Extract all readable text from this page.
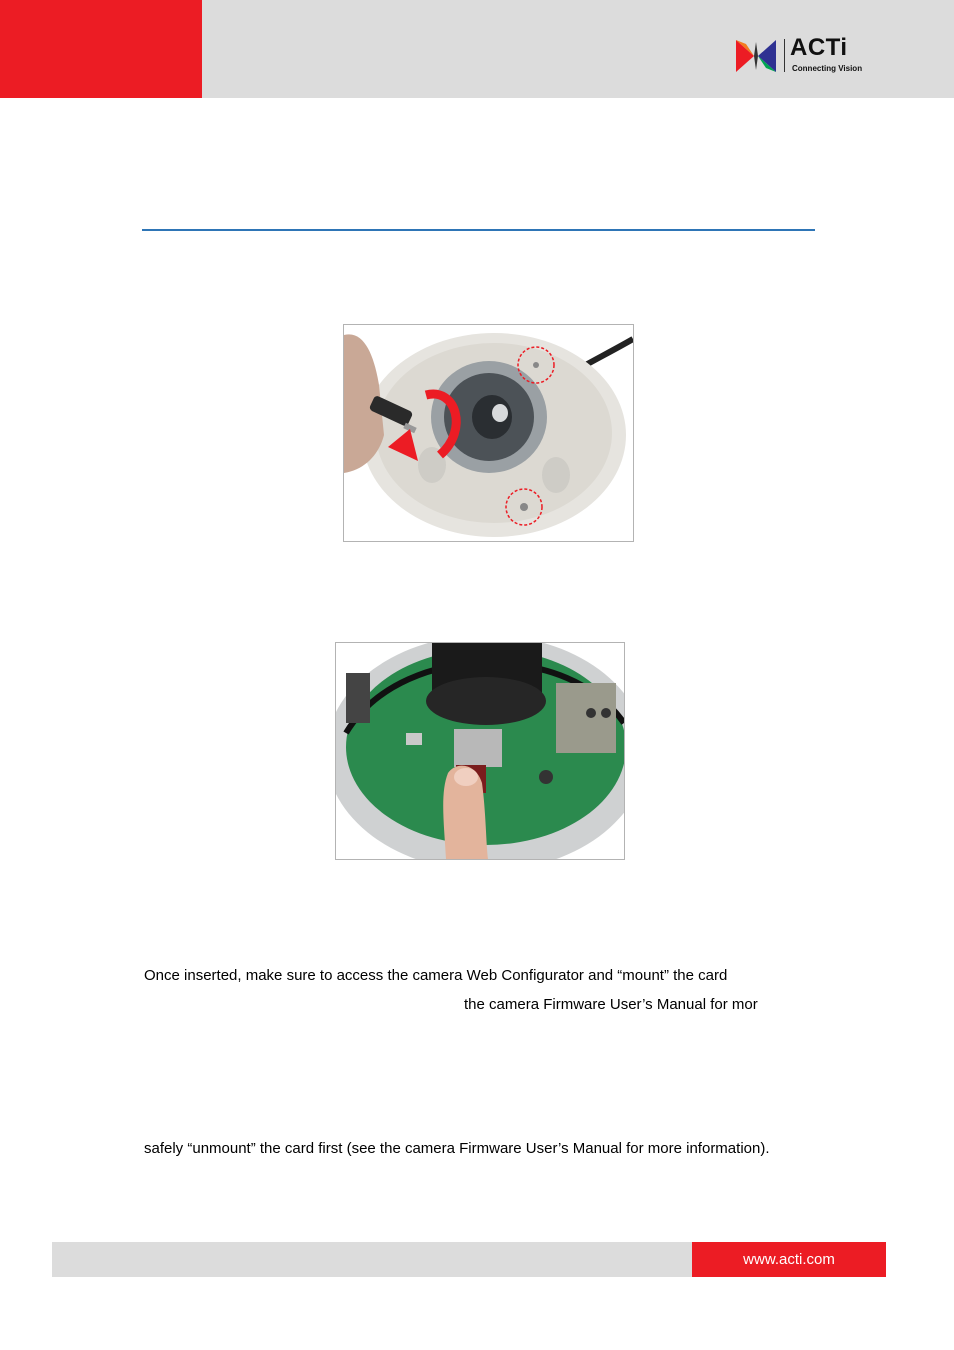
ACTi
Connecting Vision
Once inserted, make sure to access the camera Web Configurator and “mount” the card
the camera Firmware User’s Manual for mor
safely “unmount” the card first (see the camera Firmware User’s Manual for more information).
www.acti.com
